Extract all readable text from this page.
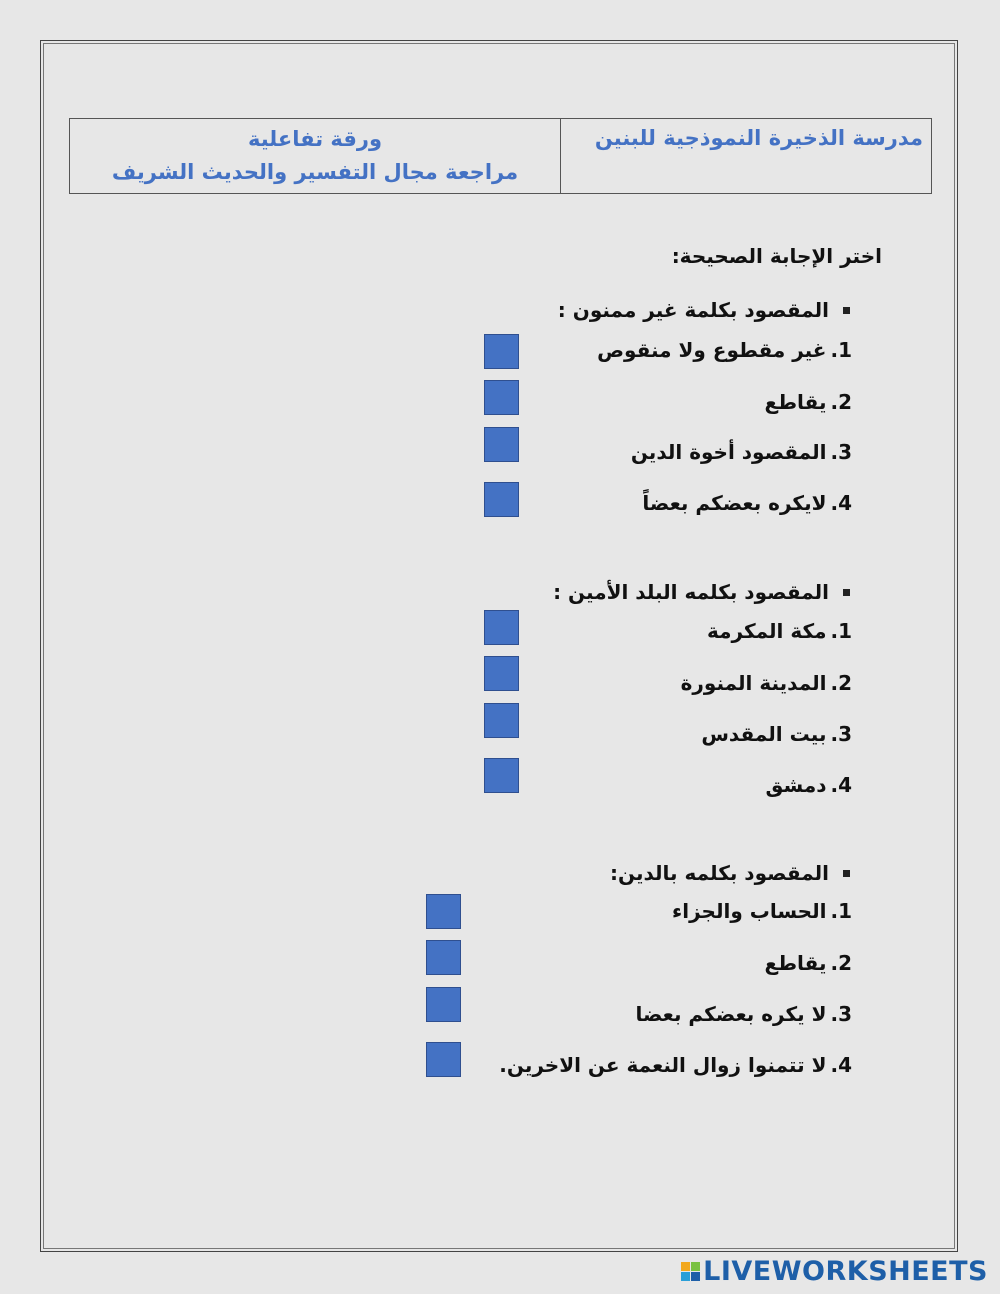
ورقة تفاعلية
مراجعة مجال التفسير والحديث الشريف
مدرسة الذخيرة النموذجية للبنين
اختر الإجابة الصحيحة:
المقصود بكلمة غير ممنون :
1.
غير مقطوع ولا منقوص
2.
يقاطع
3.
المقصود أخوة الدين
4.
لايكره بعضكم بعضاً
المقصود بكلمه البلد الأمين :
1.
مكة المكرمة
2.
المدينة المنورة
3.
بيت المقدس
4.
دمشق
المقصود بكلمه بالدين:
1.
الحساب والجزاء
2.
يقاطع
3.
لا يكره بعضكم بعضا
4.
لا تتمنوا زوال النعمة عن الاخرين.
LIVEWORKSHEETS
